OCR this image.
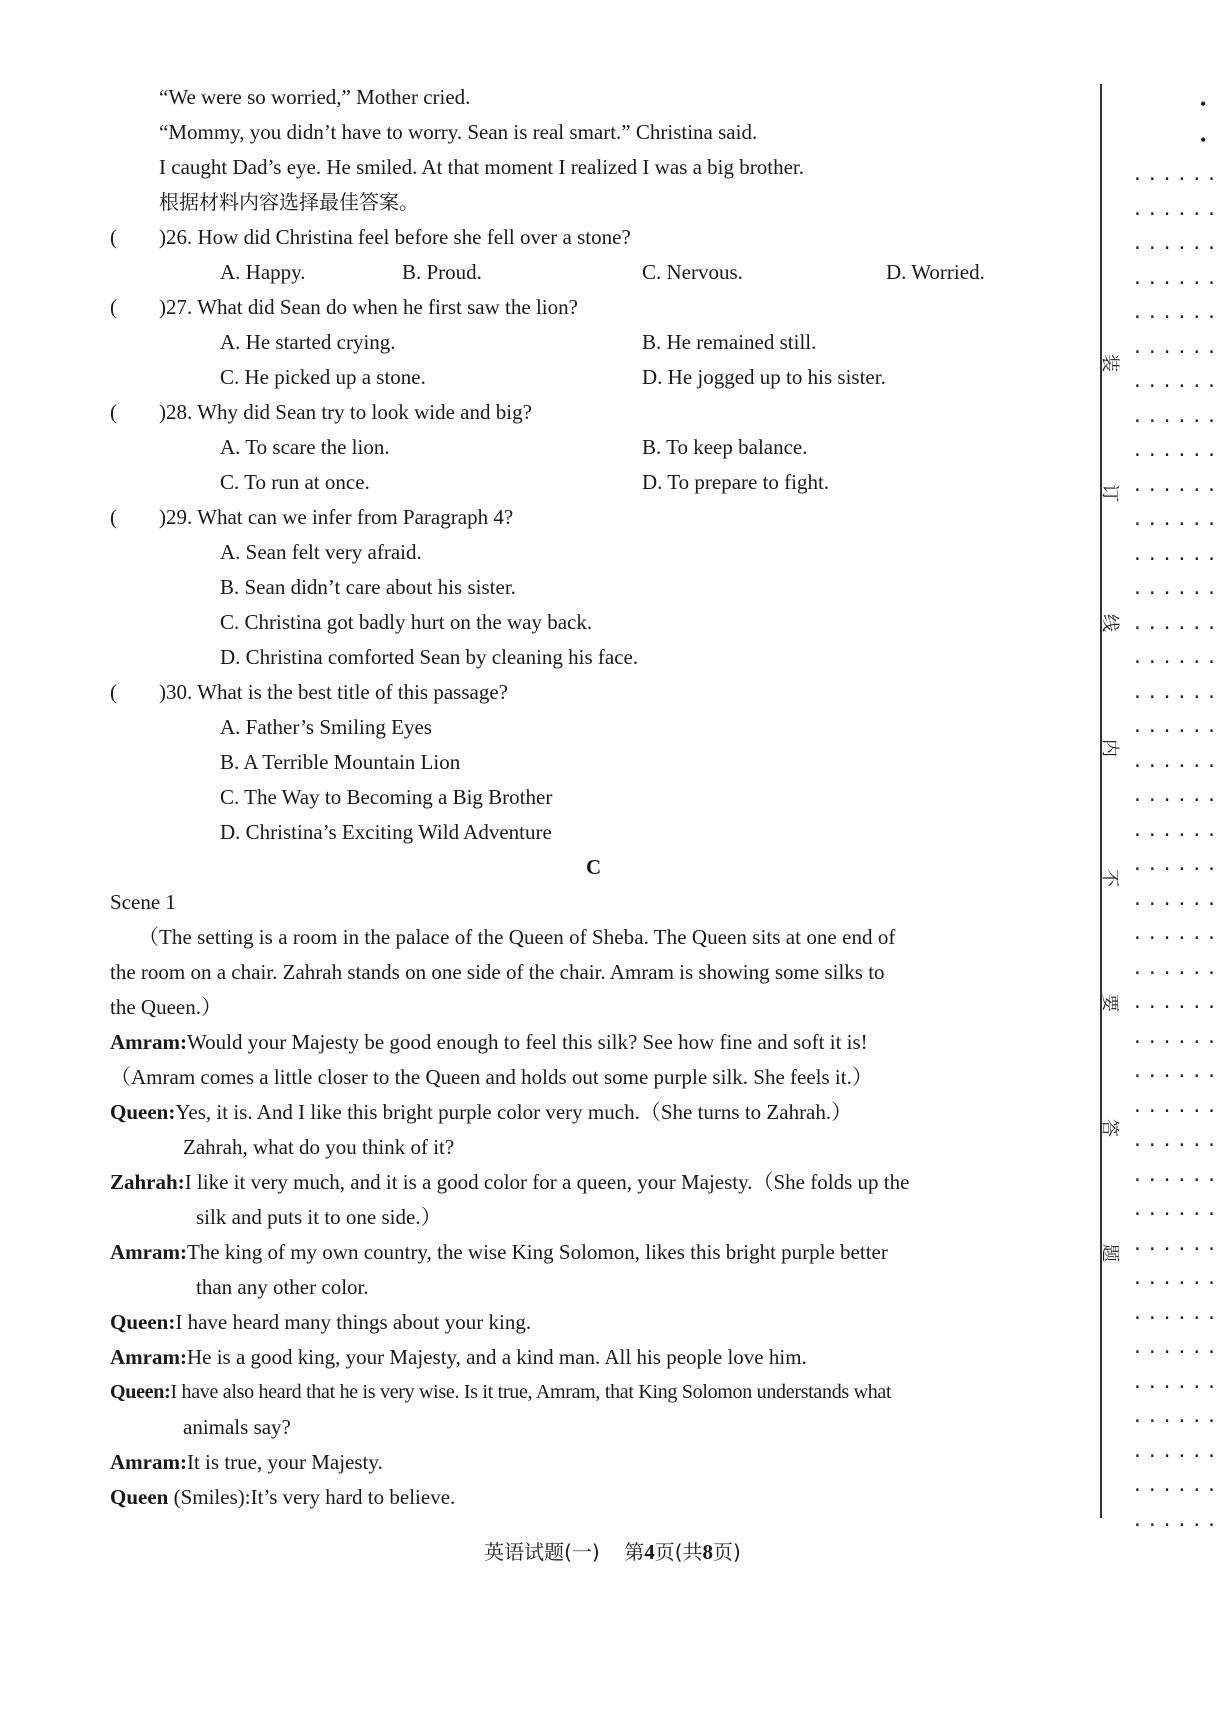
“We were so worried,” Mother cried.
“Mommy, you didn’t have to worry. Sean is real smart.” Christina said.
I caught Dad’s eye. He smiled. At that moment I realized I was a big brother.
根据材料内容选择最佳答案。
( )26. How did Christina feel before she fell over a stone?
A. Happy.	B. Proud.	C. Nervous.	D. Worried.
( )27. What did Sean do when he first saw the lion?
A. He started crying.	B. He remained still.
C. He picked up a stone.	D. He jogged up to his sister.
( )28. Why did Sean try to look wide and big?
A. To scare the lion.	B. To keep balance.
C. To run at once.	D. To prepare to fight.
( )29. What can we infer from Paragraph 4?
A. Sean felt very afraid.
B. Sean didn’t care about his sister.
C. Christina got badly hurt on the way back.
D. Christina comforted Sean by cleaning his face.
( )30. What is the best title of this passage?
A. Father’s Smiling Eyes
B. A Terrible Mountain Lion
C. The Way to Becoming a Big Brother
D. Christina’s Exciting Wild Adventure
C
Scene 1
（The setting is a room in the palace of the Queen of Sheba. The Queen sits at one end of
the room on a chair. Zahrah stands on one side of the chair. Amram is showing some silks to
the Queen.）
Amram:Would your Majesty be good enough to feel this silk? See how fine and soft it is!
（Amram comes a little closer to the Queen and holds out some purple silk. She feels it.）
Queen:Yes, it is. And I like this bright purple color very much.（She turns to Zahrah.）
Zahrah, what do you think of it?
Zahrah:I like it very much, and it is a good color for a queen, your Majesty.（She folds up the
silk and puts it to one side.）
Amram:The king of my own country, the wise King Solomon, likes this bright purple better
than any other color.
Queen:I have heard many things about your king.
Amram:He is a good king, your Majesty, and a kind man. All his people love him.
Queen:I have also heard that he is very wise. Is it true, Amram, that King Solomon understands what
animals say?
Amram:It is true, your Majesty.
Queen (Smiles):It’s very hard to believe.
英语试题(一) 第4页(共8页)
•
•
......
......
......
......
......
......
......
......
......
......
......
......
......
......
......
......
......
......
......
......
......
......
......
......
......
......
......
......
......
......
......
......
......
......
......
......
......
......
......
......
装
订
线
内
不
要
答
题
